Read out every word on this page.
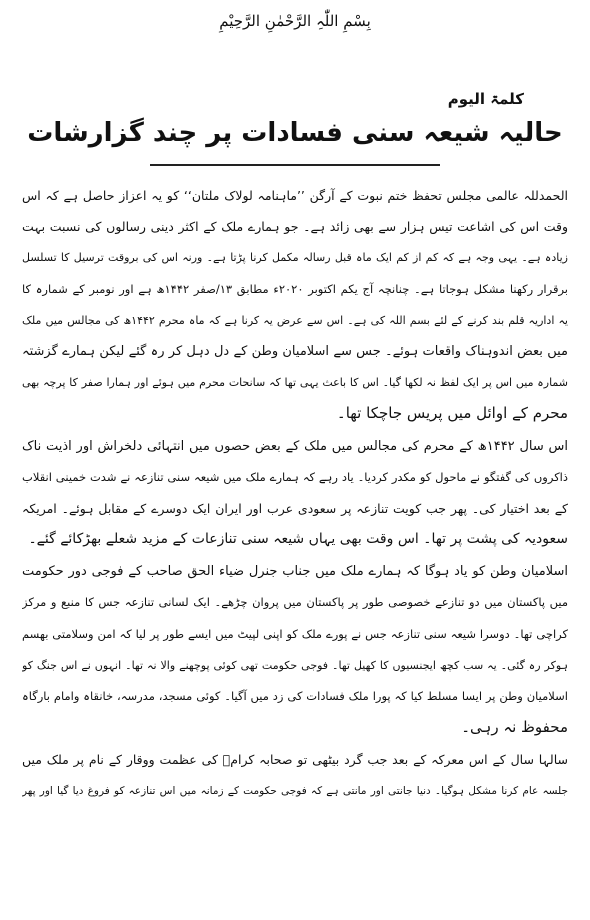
بِسْمِ اللّٰہِ الرَّحْمٰنِ الرَّحِیْمِ
کلمۃ الیوم
حالیہ شیعہ سنی فسادات پر چند گزارشات
الحمدللہ عالمی مجلس تحفظ ختم نبوت کے آرگن ’’ماہنامہ لولاک ملتان‘‘ کو یہ اعزاز حاصل ہے کہ اس
وقت اس کی اشاعت تیس ہزار سے بھی زائد ہے۔ جو ہمارے ملک کے اکثر دینی رسالوں کی نسبت بہت
زیادہ ہے۔ یہی وجہ ہے کہ کم از کم ایک ماہ قبل رسالہ مکمل کرنا پڑتا ہے۔ ورنہ اس کی بروقت ترسیل کا تسلسل
برقرار رکھنا مشکل ہوجاتا ہے۔ چنانچہ آج یکم اکتوبر ۲۰۲۰ء مطابق ۱۳/صفر ۱۴۴۲ھ ہے اور نومبر کے شمارہ کا
یہ اداریہ قلم بند کرنے کے لئے بسم اللہ کی ہے۔ اس سے عرض یہ کرنا ہے کہ ماہ محرم ۱۴۴۲ھ کی مجالس میں ملک
میں بعض اندوہناک واقعات ہوئے۔ جس سے اسلامیان وطن کے دل دہل کر رہ گئے لیکن ہمارے گزشتہ
شمارہ میں اس پر ایک لفظ نہ لکھا گیا۔ اس کا باعث یہی تھا کہ سانحات محرم میں ہوئے اور ہمارا صفر کا پرچہ بھی
محرم کے اوائل میں پریس جاچکا تھا۔
اس سال ۱۴۴۲ھ کے محرم کی مجالس میں ملک کے بعض حصوں میں انتہائی دلخراش اور اذیت ناک
ذاکروں کی گفتگو نے ماحول کو مکدر کردیا۔ یاد رہے کہ ہمارے ملک میں شیعہ سنی تنازعہ نے شدت خمینی انقلاب
کے بعد اختیار کی۔ پھر جب کویت تنازعہ پر سعودی عرب اور ایران ایک دوسرے کے مقابل ہوئے۔ امریکہ
سعودیہ کی پشت پر تھا۔ اس وقت بھی یہاں شیعہ سنی تنازعات کے مزید شعلے بھڑکائے گئے۔
اسلامیان وطن کو یاد ہوگا کہ ہمارے ملک میں جناب جنرل ضیاء الحق صاحب کے فوجی دور حکومت
میں پاکستان میں دو تنازعے خصوصی طور پر پاکستان میں پروان چڑھے۔ ایک لسانی تنازعہ جس کا منبع و مرکز
کراچی تھا۔ دوسرا شیعہ سنی تنازعہ جس نے پورے ملک کو اپنی لپیٹ میں ایسے طور پر لیا کہ امن وسلامتی بھسم
ہوکر رہ گئی۔ یہ سب کچھ ایجنسیوں کا کھیل تھا۔ فوجی حکومت تھی کوئی پوچھنے والا نہ تھا۔ انہوں نے اس جنگ کو
اسلامیان وطن پر ایسا مسلط کیا کہ پورا ملک فسادات کی زد میں آگیا۔ کوئی مسجد، مدرسہ، خانقاہ وامام بارگاہ
محفوظ نہ رہی۔
سالہا سال کے اس معرکہ کے بعد جب گرد بیٹھی تو صحابہ کرامؓ کی عظمت ووقار کے نام پر ملک میں
جلسہ عام کرنا مشکل ہوگیا۔ دنیا جانتی اور مانتی ہے کہ فوجی حکومت کے زمانہ میں اس تنازعہ کو فروغ دیا گیا اور پھر
